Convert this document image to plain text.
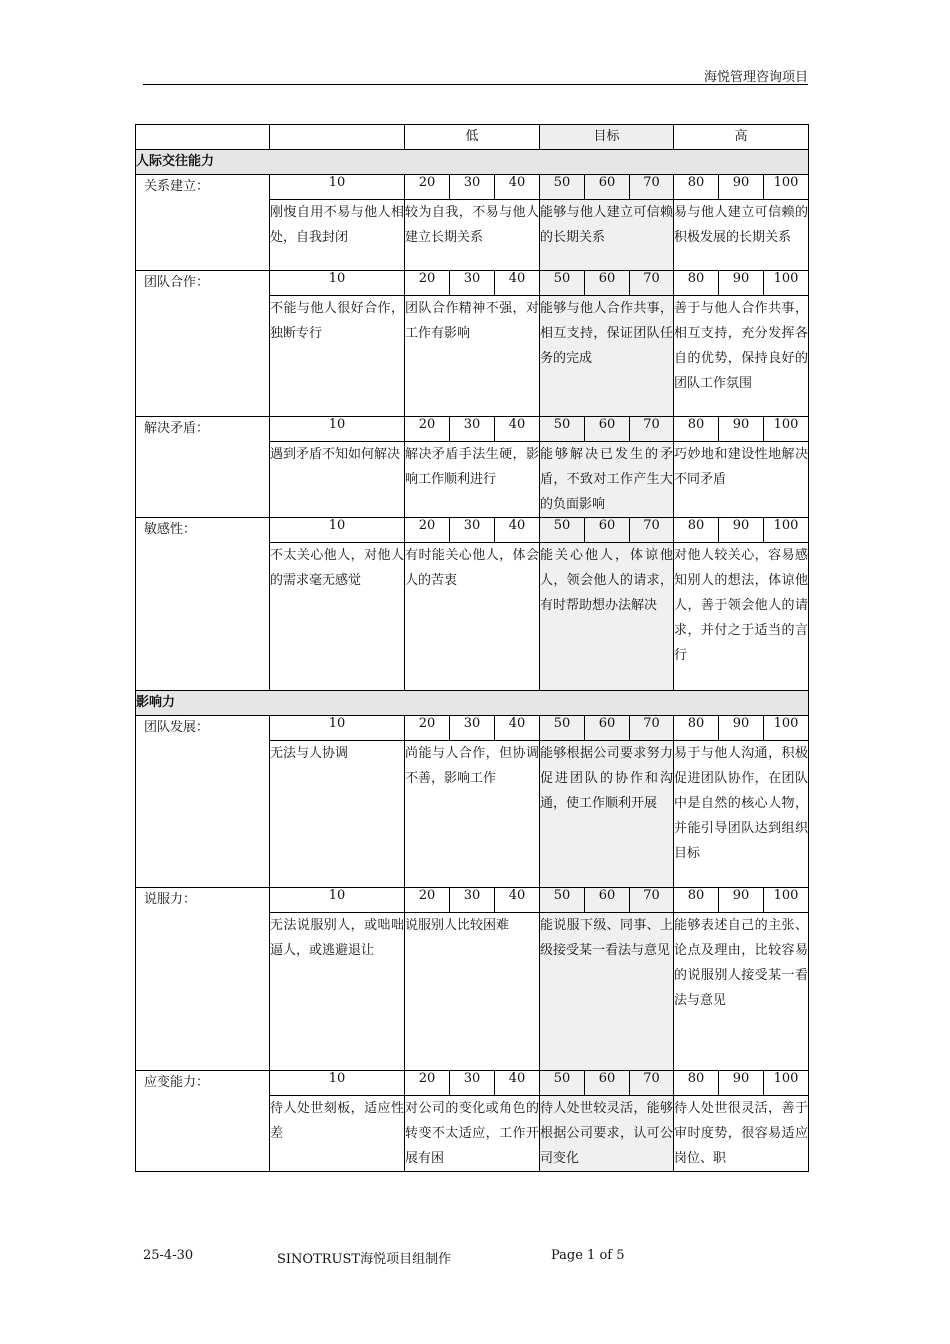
海悦管理咨询项目
		低			目标			高		
人际交往能力										
关系建立：	10	20	30	40	50	60	70	80	90	100
	刚愎自用不易与他人相处，自我封闭	较为自我，不易与他人建立长期关系			能够与他人建立可信赖的长期关系			易与他人建立可信赖的积极发展的长期关系		
团队合作：	10	20	30	40	50	60	70	80	90	100
	不能与他人很好合作，独断专行	团队合作精神不强，对工作有影响			能够与他人合作共事，相互支持，保证团队任务的完成			善于与他人合作共事，相互支持，充分发挥各自的优势，保持良好的团队工作氛围		
解决矛盾：	10	20	30	40	50	60	70	80	90	100
	遇到矛盾不知如何解决	解决矛盾手法生硬，影响工作顺利进行			能够解决已发生的矛盾，不致对工作产生大的负面影响			巧妙地和建设性地解决不同矛盾		
敏感性：	10	20	30	40	50	60	70	80	90	100
	不太关心他人，对他人的需求毫无感觉	有时能关心他人，体会人的苦衷			能关心他人，体谅他人，领会他人的请求，有时帮助想办法解决			对他人较关心，容易感知别人的想法，体谅他人，善于领会他人的请求，并付之于适当的言行		
影响力										
团队发展：	10	20	30	40	50	60	70	80	90	100
	无法与人协调	尚能与人合作，但协调不善，影响工作			能够根据公司要求努力促进团队的协作和沟通，使工作顺利开展			易于与他人沟通，积极促进团队协作，在团队中是自然的核心人物，并能引导团队达到组织目标		
说服力：	10	20	30	40	50	60	70	80	90	100
	无法说服别人，或咄咄逼人，或逃避退让	说服别人比较困难			能说服下级、同事、上级接受某一看法与意见			能够表述自己的主张、论点及理由，比较容易的说服别人接受某一看法与意见		
应变能力：	10	20	30	40	50	60	70	80	90	100
	待人处世刻板，适应性差	对公司的变化或角色的转变不太适应，工作开展有困			待人处世较灵活，能够根据公司要求，认可公司变化			待人处世很灵活，善于审时度势，很容易适应岗位、职		
25-4-30	SINOTRUST海悦项目组制作	Page 1 of 5
